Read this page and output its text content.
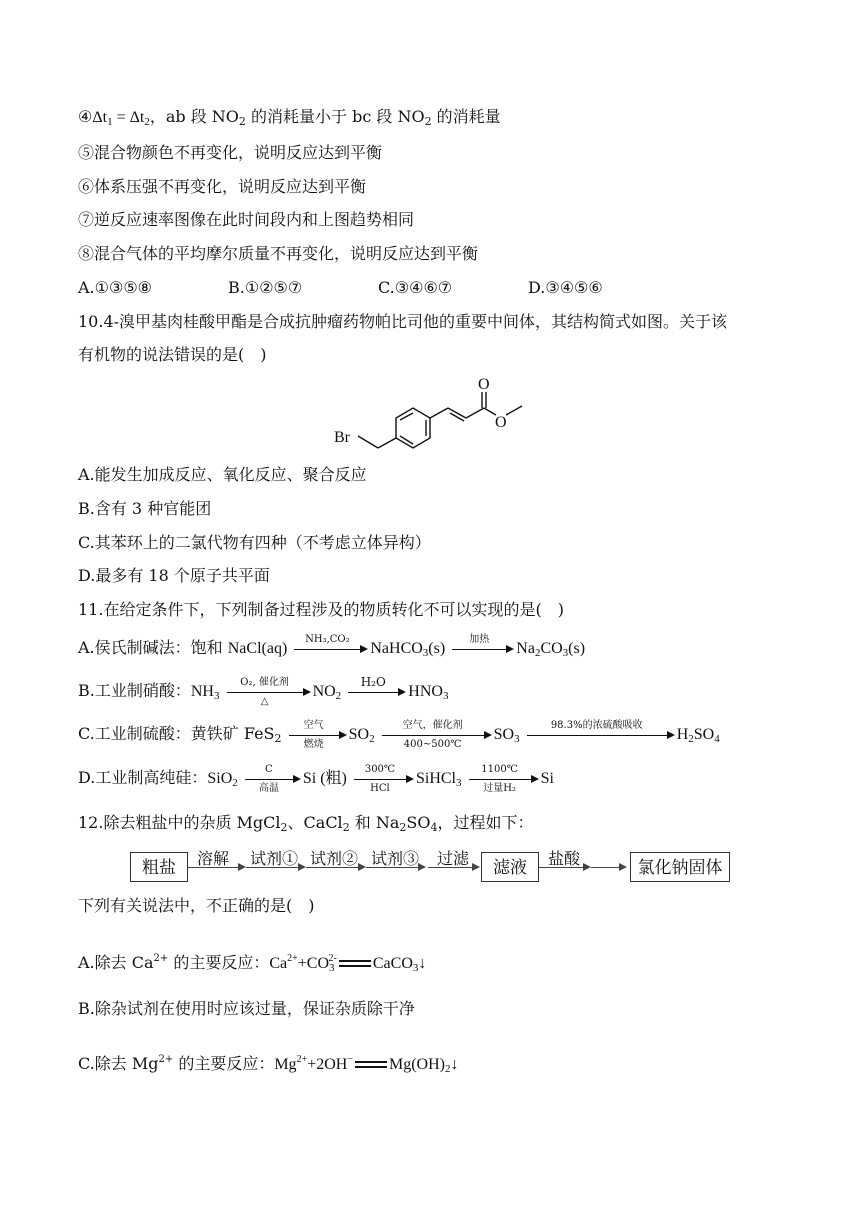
$④\Delta t_1 = \Delta t_2$，ab 段 $NO_2$ 的消耗量小于 bc 段 $NO_2$ 的消耗量
⑤混合物颜色不再变化，说明反应达到平衡
⑥体系压强不再变化，说明反应达到平衡
⑦逆反应速率图像在此时间段内和上图趋势相同
⑧混合气体的平均摩尔质量不再变化，说明反应达到平衡
A.①③⑤⑧	B.①②⑤⑦	C.③④⑥⑦	D.③④⑤⑥
10.4-溴甲基肉桂酸甲酯是合成抗肿瘤药物帕比司他的重要中间体，其结构简式如图。关于该
有机物的说法错误的是(　)
Br
O
O
A.能发生加成反应、氧化反应、聚合反应
B.含有 3 种官能团
C.其苯环上的二氯代物有四种（不考虑立体异构）
D.最多有 18 个原子共平面
11.在给定条件下，下列制备过程涉及的物质转化不可以实现的是(　)
A.侯氏制碱法：饱和 NaCl(aq)
NH₃,CO₂
NaHCO$_3$(s)
加热
$Na_2CO_3(s)$
B.工业制硝酸：$NH_3$
O₂, 催化剂
△
$NO_2$
H₂O
$HNO_3$
C.工业制硫酸：黄铁矿 FeS$_2$
空气
燃烧
$SO_2$
空气，催化剂
400~500℃
$SO_3$
98.3%的浓硫酸吸收
$H_2SO_4$
D.工业制高纯硅：SiO$_2$
C
高温
Si (粗)
300℃
HCl
SiHCl$_3$
1100℃
过量H₂
Si
12.除去粗盐中的杂质 MgCl$_2$、CaCl$_2$ 和 $Na_2SO_4$，过程如下：
粗盐	溶解	试剂① 试剂② 试剂③	过滤	滤液	盐酸	氯化钠固体
下列有关说法中，不正确的是(　)
A.除去 $Ca^{2+}$ 的主要反应：$Ca^{2+}+CO_3^{2-}$ CaCO$_3$↓
B.除杂试剂在使用时应该过量，保证杂质除干净
C.除去 $Mg^{2+}$ 的主要反应：$Mg^{2+}+2OH^-$ $Mg(OH)_2↓$
